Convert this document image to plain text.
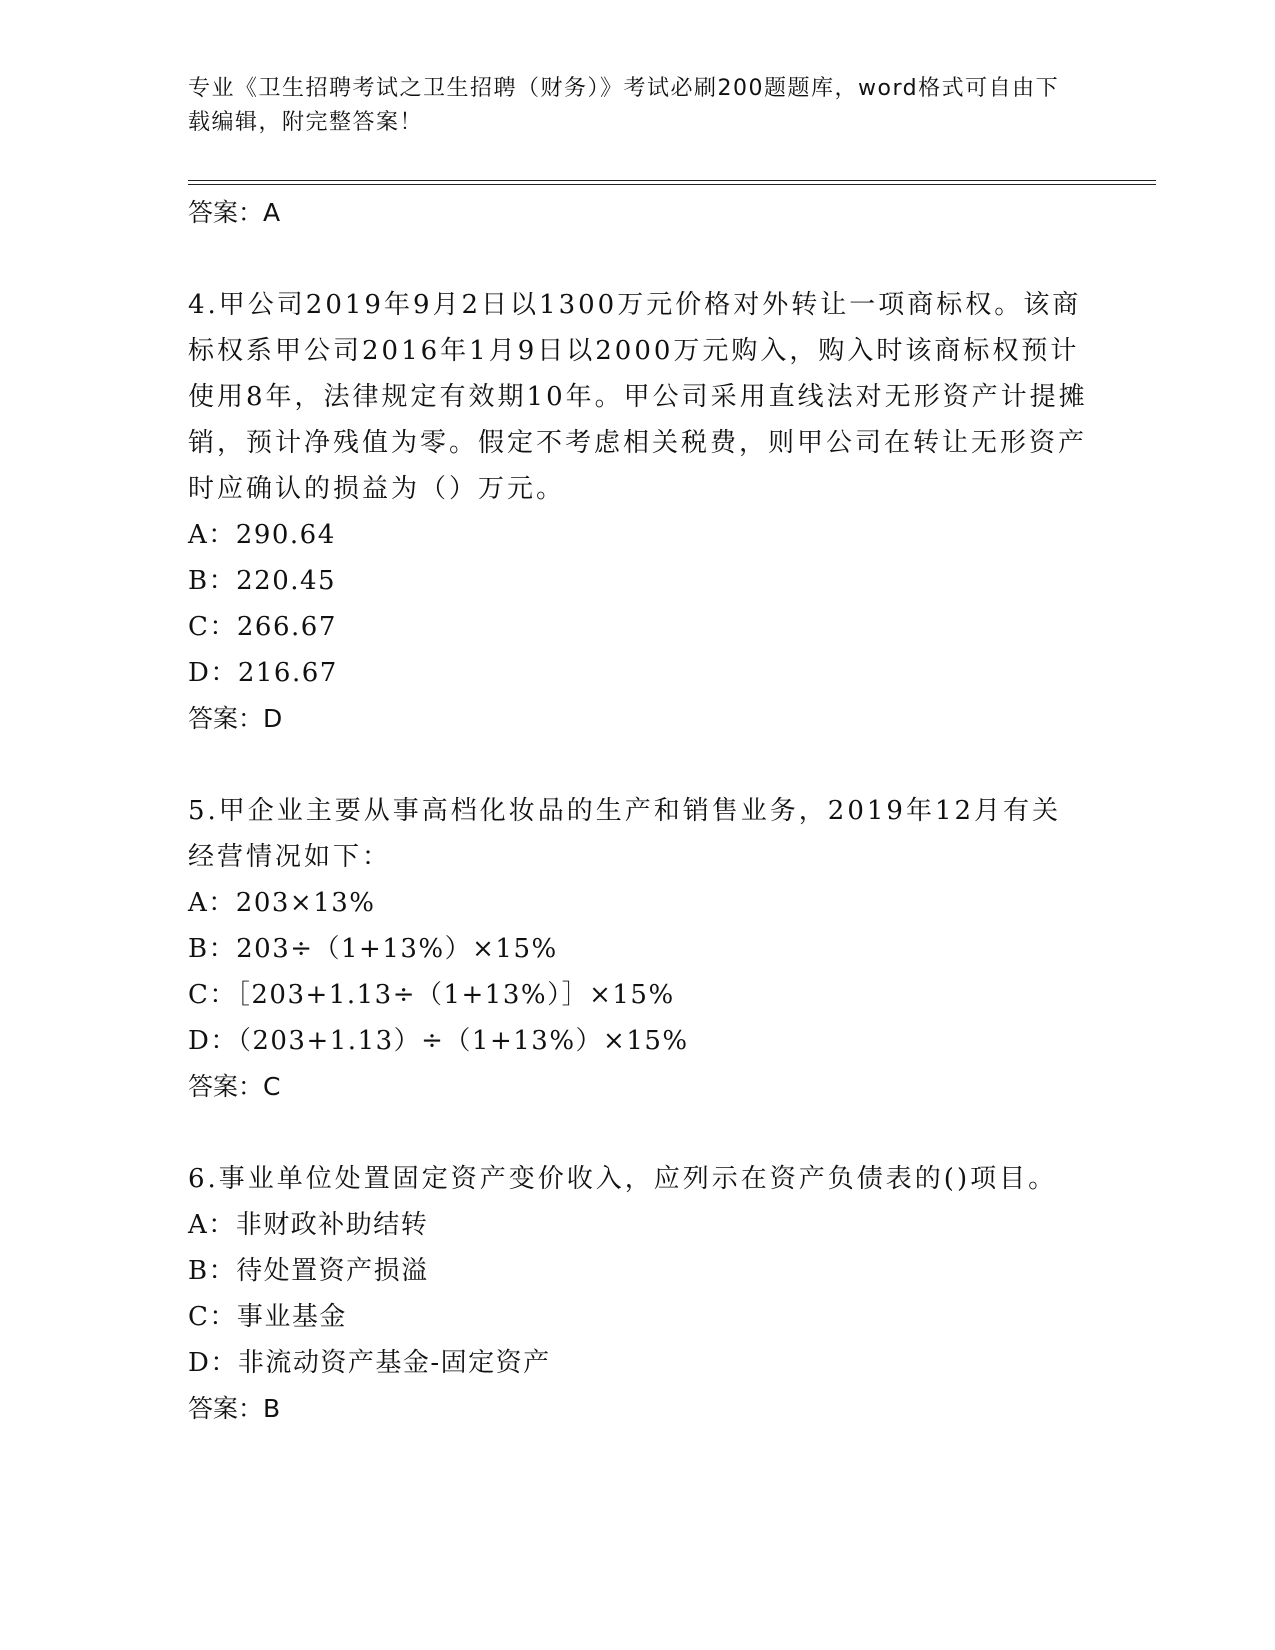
专业《卫生招聘考试之卫生招聘（财务）》考试必刷200题题库，word格式可自由下载编辑，附完整答案！

答案：A

4.甲公司2019年9月2日以1300万元价格对外转让一项商标权。该商标权系甲公司2016年1月9日以2000万元购入，购入时该商标权预计使用8年，法律规定有效期10年。甲公司采用直线法对无形资产计提摊销，预计净残值为零。假定不考虑相关税费，则甲公司在转让无形资产时应确认的损益为（）万元。

A：290.64

B：220.45

C：266.67

D：216.67

答案：D

5.甲企业主要从事高档化妆品的生产和销售业务，2019年12月有关经营情况如下：

A：203×13%

B：203÷（1+13%）×15%

C：［203+1.13÷（1+13%）］×15%

D：（203+1.13）÷（1+13%）×15%

答案：C

6.事业单位处置固定资产变价收入，应列示在资产负债表的()项目。

A：非财政补助结转

B：待处置资产损溢

C：事业基金

D：非流动资产基金-固定资产

答案：B
